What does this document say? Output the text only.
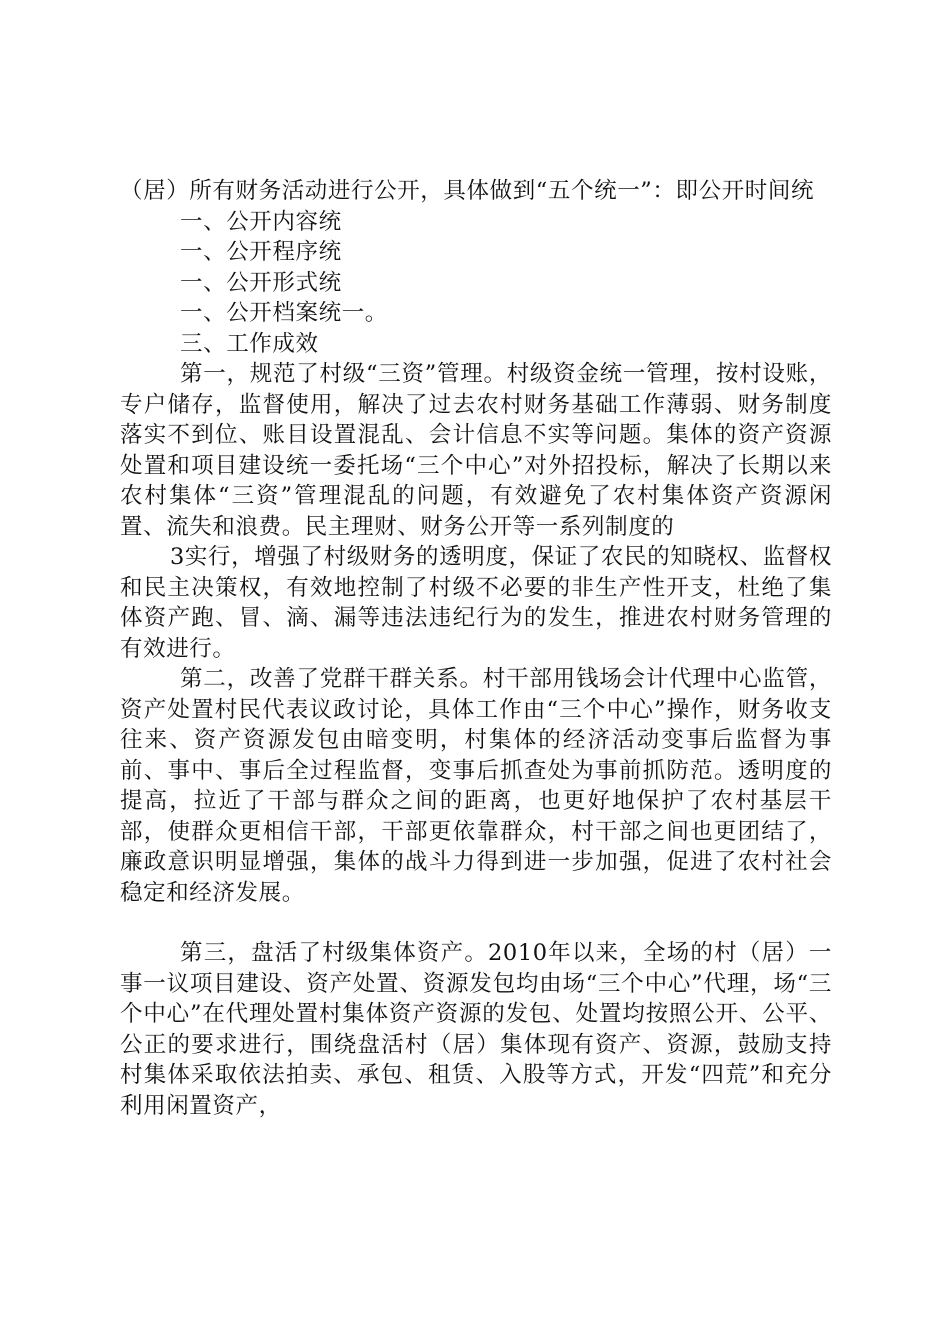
（居）所有财务活动进行公开，具体做到“五个统一”：即公开时间统

一、公开内容统

一、公开程序统

一、公开形式统

一、公开档案统一。

三、工作成效

第一，规范了村级“三资”管理。村级资金统一管理，按村设账，专户储存，监督使用，解决了过去农村财务基础工作薄弱、财务制度落实不到位、账目设置混乱、会计信息不实等问题。集体的资产资源处置和项目建设统一委托场“三个中心”对外招投标，解决了长期以来农村集体“三资”管理混乱的问题，有效避免了农村集体资产资源闲置、流失和浪费。民主理财、财务公开等一系列制度的

3实行，增强了村级财务的透明度，保证了农民的知晓权、监督权和民主决策权，有效地控制了村级不必要的非生产性开支，杜绝了集体资产跑、冒、滴、漏等违法违纪行为的发生，推进农村财务管理的有效进行。

第二，改善了党群干群关系。村干部用钱场会计代理中心监管，资产处置村民代表议政讨论，具体工作由“三个中心”操作，财务收支往来、资产资源发包由暗变明，村集体的经济活动变事后监督为事前、事中、事后全过程监督，变事后抓查处为事前抓防范。透明度的提高，拉近了干部与群众之间的距离，也更好地保护了农村基层干部，使群众更相信干部，干部更依靠群众，村干部之间也更团结了，廉政意识明显增强，集体的战斗力得到进一步加强，促进了农村社会稳定和经济发展。

第三，盘活了村级集体资产。2010年以来，全场的村（居）一事一议项目建设、资产处置、资源发包均由场“三个中心”代理，场“三个中心”在代理处置村集体资产资源的发包、处置均按照公开、公平、公正的要求进行，围绕盘活村（居）集体现有资产、资源，鼓励支持村集体采取依法拍卖、承包、租赁、入股等方式，开发“四荒”和充分利用闲置资产，
